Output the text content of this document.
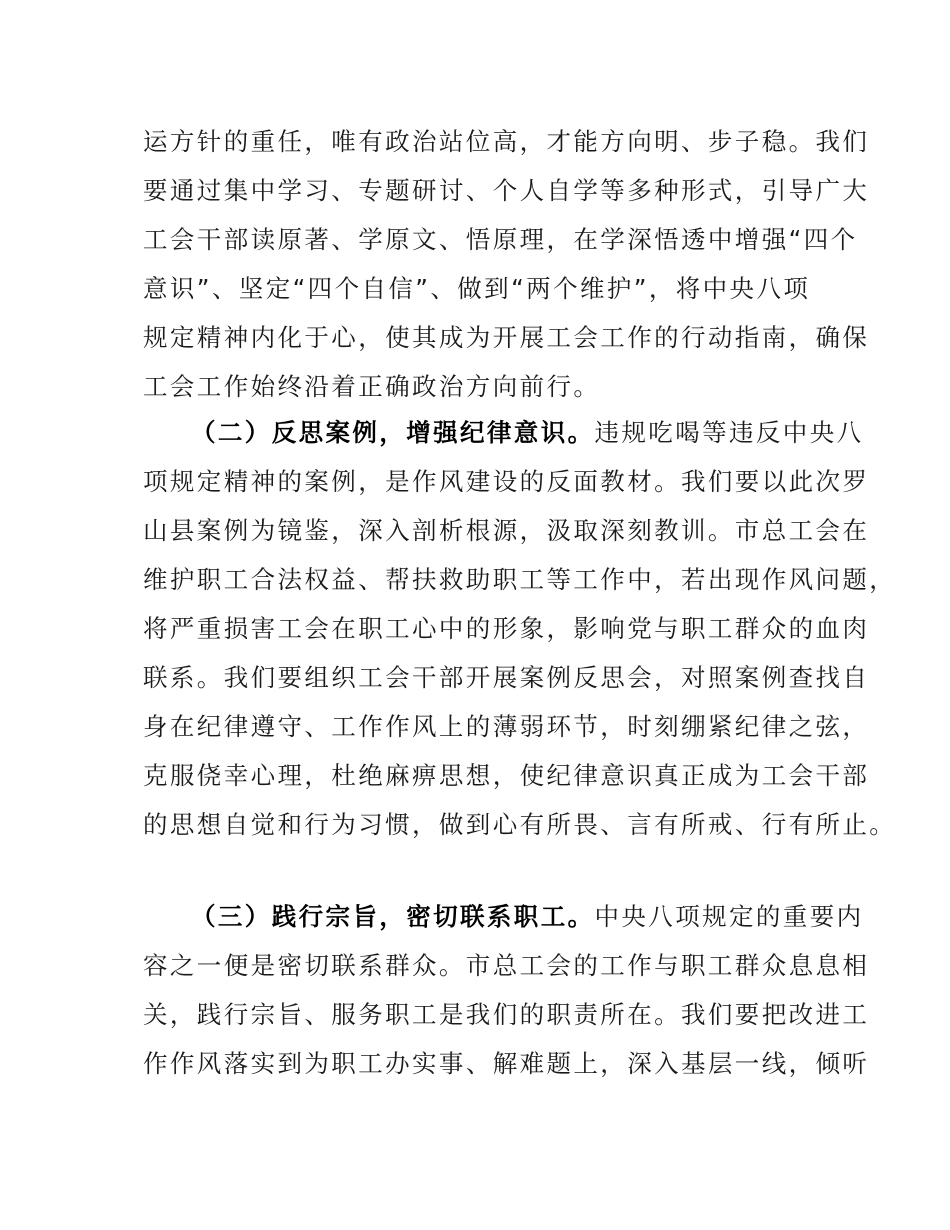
运方针的重任，唯有政治站位高，才能方向明、步子稳。我们
要通过集中学习、专题研讨、个人自学等多种形式，引导广大
工会干部读原著、学原文、悟原理，在学深悟透中增强“四个
意识”、坚定“四个自信”、做到“两个维护”，将中央八项
规定精神内化于心，使其成为开展工会工作的行动指南，确保
工会工作始终沿着正确政治方向前行。
（二）反思案例，增强纪律意识。违规吃喝等违反中央八
项规定精神的案例，是作风建设的反面教材。我们要以此次罗
山县案例为镜鉴，深入剖析根源，汲取深刻教训。市总工会在
维护职工合法权益、帮扶救助职工等工作中，若出现作风问题，
将严重损害工会在职工心中的形象，影响党与职工群众的血肉
联系。我们要组织工会干部开展案例反思会，对照案例查找自
身在纪律遵守、工作作风上的薄弱环节，时刻绷紧纪律之弦，
克服侥幸心理，杜绝麻痹思想，使纪律意识真正成为工会干部
的思想自觉和行为习惯，做到心有所畏、言有所戒、行有所止。
（三）践行宗旨，密切联系职工。中央八项规定的重要内
容之一便是密切联系群众。市总工会的工作与职工群众息息相
关，践行宗旨、服务职工是我们的职责所在。我们要把改进工
作作风落实到为职工办实事、解难题上，深入基层一线，倾听
